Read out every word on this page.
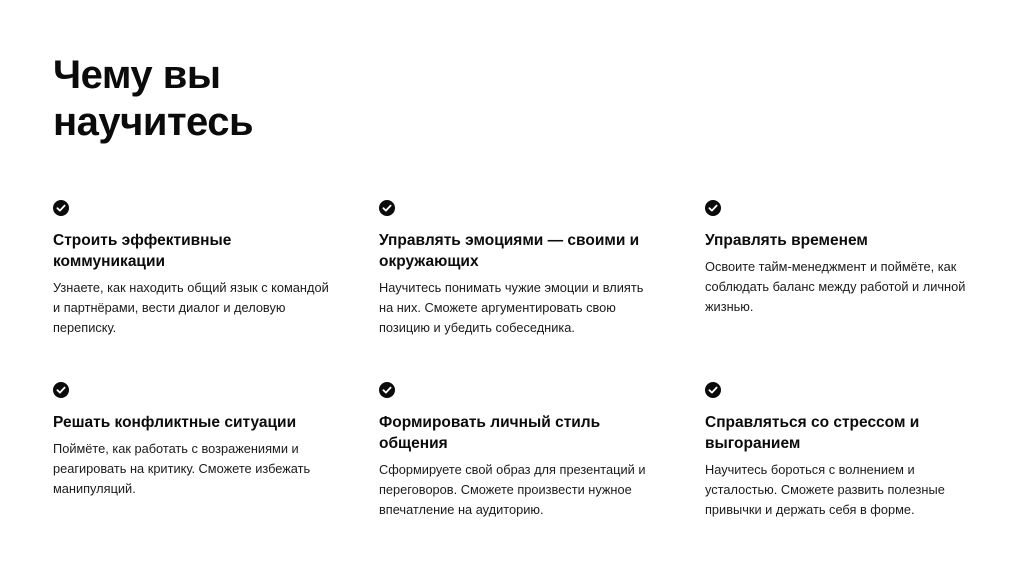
Чему вы научитесь
Строить эффективные коммуникации

Узнаете, как находить общий язык с командой и партнёрами, вести диалог и деловую переписку.

Управлять эмоциями — своими и окружающих

Научитесь понимать чужие эмоции и влиять на них. Сможете аргументировать свою позицию и убедить собеседника.

Управлять временем

Освоите тайм-менеджмент и поймёте, как соблюдать баланс между работой и личной жизнью.

Решать конфликтные ситуации

Поймёте, как работать с возражениями и реагировать на критику. Сможете избежать манипуляций.

Формировать личный стиль общения

Сформируете свой образ для презентаций и переговоров. Сможете произвести нужное впечатление на аудиторию.

Справляться со стрессом и выгоранием

Научитесь бороться с волнением и усталостью. Сможете развить полезные привычки и держать себя в форме.
